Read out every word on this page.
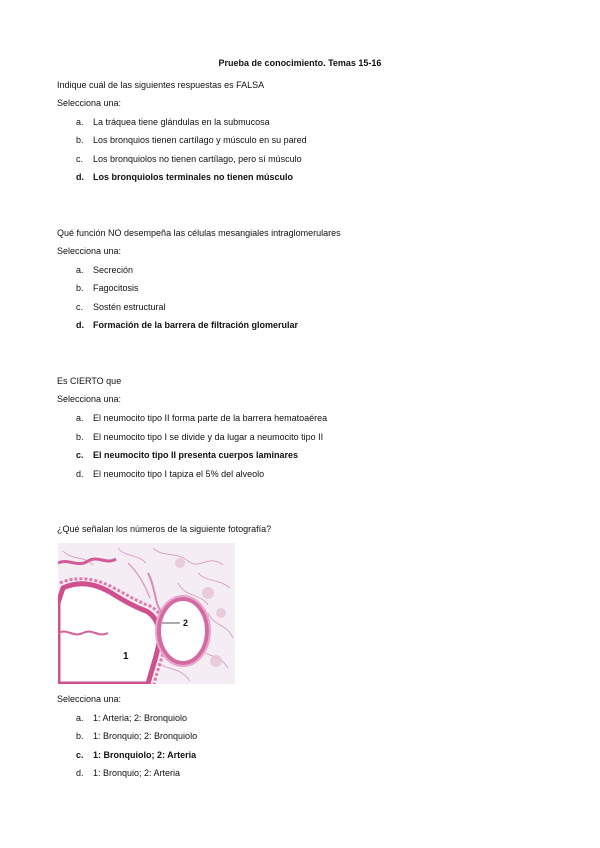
Prueba de conocimiento. Temas 15-16
Indique cuál de las siguientes respuestas es FALSA
Selecciona una:
a. La tráquea tiene glándulas en la submucosa
b. Los bronquios tienen cartílago y músculo en su pared
c. Los bronquiolos no tienen cartílago, pero sí músculo
d. Los bronquiolos terminales no tienen músculo
Qué función NO desempeña las células mesangiales intraglomerulares
Selecciona una:
a. Secreción
b. Fagocitosis
c. Sostén estructural
d. Formación de la barrera de filtración glomerular
Es CIERTO que
Selecciona una:
a. El neumocito tipo II forma parte de la barrera hematoaérea
b. El neumocito tipo I se divide y da lugar a neumocito tipo II
c. El neumocito tipo II presenta cuerpos laminares
d. El neumocito tipo I tapiza el 5% del alveolo
¿Qué señalan los números de la siguiente fotografía?
2
1
Selecciona una:
a. 1: Arteria; 2: Bronquiolo
b. 1: Bronquio; 2: Bronquiolo
c. 1: Bronquiolo; 2: Arteria
d. 1: Bronquio; 2: Arteria
